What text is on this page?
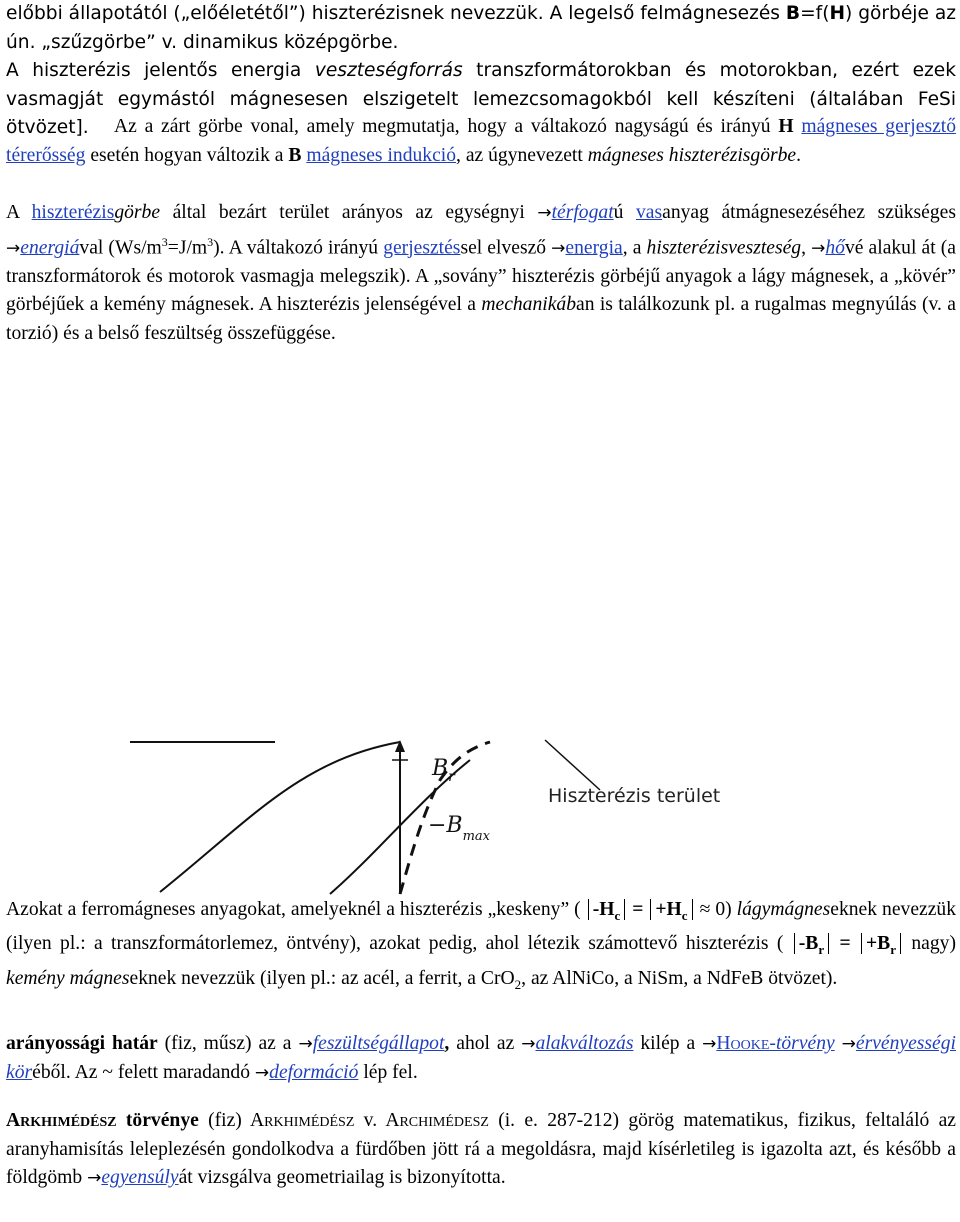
előbbi állapotától („előéletétől”) hiszterézisnek nevezzük. A legelső felmágnesezés B=f(H) görbéje az ún. „szűzgörbe” v. dinamikus középgörbe.
A hiszterézis jelentős energia veszteségforrás transzformátorokban és motorokban, ezért ezek vasmagját egymástól mágnesesen elszigetelt lemezcsomagokból kell készíteni (általában FeSi ötvözet].	Az a zárt görbe vonal, amely megmutatja, hogy a váltakozó nagyságú és irányú H mágneses gerjesztő térerősség esetén hogyan változik a B mágneses indukció, az úgynevezett mágneses hiszterézisgörbe.

A hiszterézisgörbe által bezárt terület arányos az egységnyi →térfogatú vasanyag átmágnesezéséhez szükséges →energiával $(Ws/m^3=J/m^3)$. A váltakozó irányú gerjesztéssel elvesző →energia, a hiszterézisveszteség, →hővé alakul át (a transzformátorok és motorok vasmagja melegszik). A „sovány” hiszterézis görbéjű anyagok a lágy mágnesek, a „kövér” görbéjűek a kemény mágnesek. A hiszterézis jelenségével a mechanikában is találkozunk pl. a rugalmas megnyúlás (v. a torzió) és a belső feszültség összefüggése.

$B_r$
Hiszterézis terület
$-B_{max}$

Azokat a ferromágneses anyagokat, amelyeknél a hiszterézis „keskeny” ( $-H_c = +H_c \approx 0$) lágymágneseknek nevezzük (ilyen pl.: a transzformátorlemez, öntvény), azokat pedig, ahol létezik számottevő hiszterézis ( $-B_r = +B_r$ nagy) kemény mágneseknek nevezzük (ilyen pl.: az acél, a ferrit, a CrO$_2$, az AlNiCo, a NiSm, a NdFeB ötvözet).

arányossági határ (fiz, műsz) az a →feszültségállapot, ahol az →alakváltozás kilép a →Hooke-törvény →érvényességi köréből. Az ~ felett maradandó →deformáció lép fel.

Arkhimédész törvénye (fiz) Arkhimédész v. Archimédesz (i. e. 287-212) görög matematikus, fizikus, feltaláló az aranyhamisítás leleplezésén gondolkodva a fürdőben jött rá a megoldásra, majd kísérletileg is igazolta azt, és később a földgömb →egyensúlyát vizsgálva geometriailag is bizonyította.
